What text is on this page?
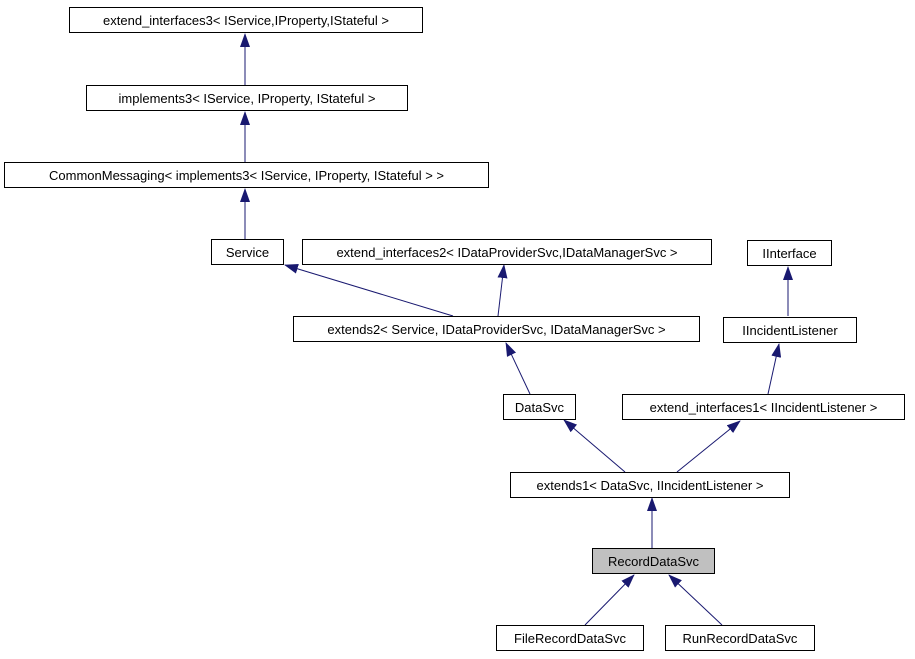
extend_interfaces3< IService,IProperty,IStateful >
implements3< IService, IProperty, IStateful >
CommonMessaging< implements3< IService, IProperty, IStateful > >
Service	extend_interfaces2< IDataProviderSvc,IDataManagerSvc >	IInterface
extends2< Service, IDataProviderSvc, IDataManagerSvc >	IIncidentListener
DataSvc	extend_interfaces1< IIncidentListener >
extends1< DataSvc, IIncidentListener >
RecordDataSvc
FileRecordDataSvc	RunRecordDataSvc
